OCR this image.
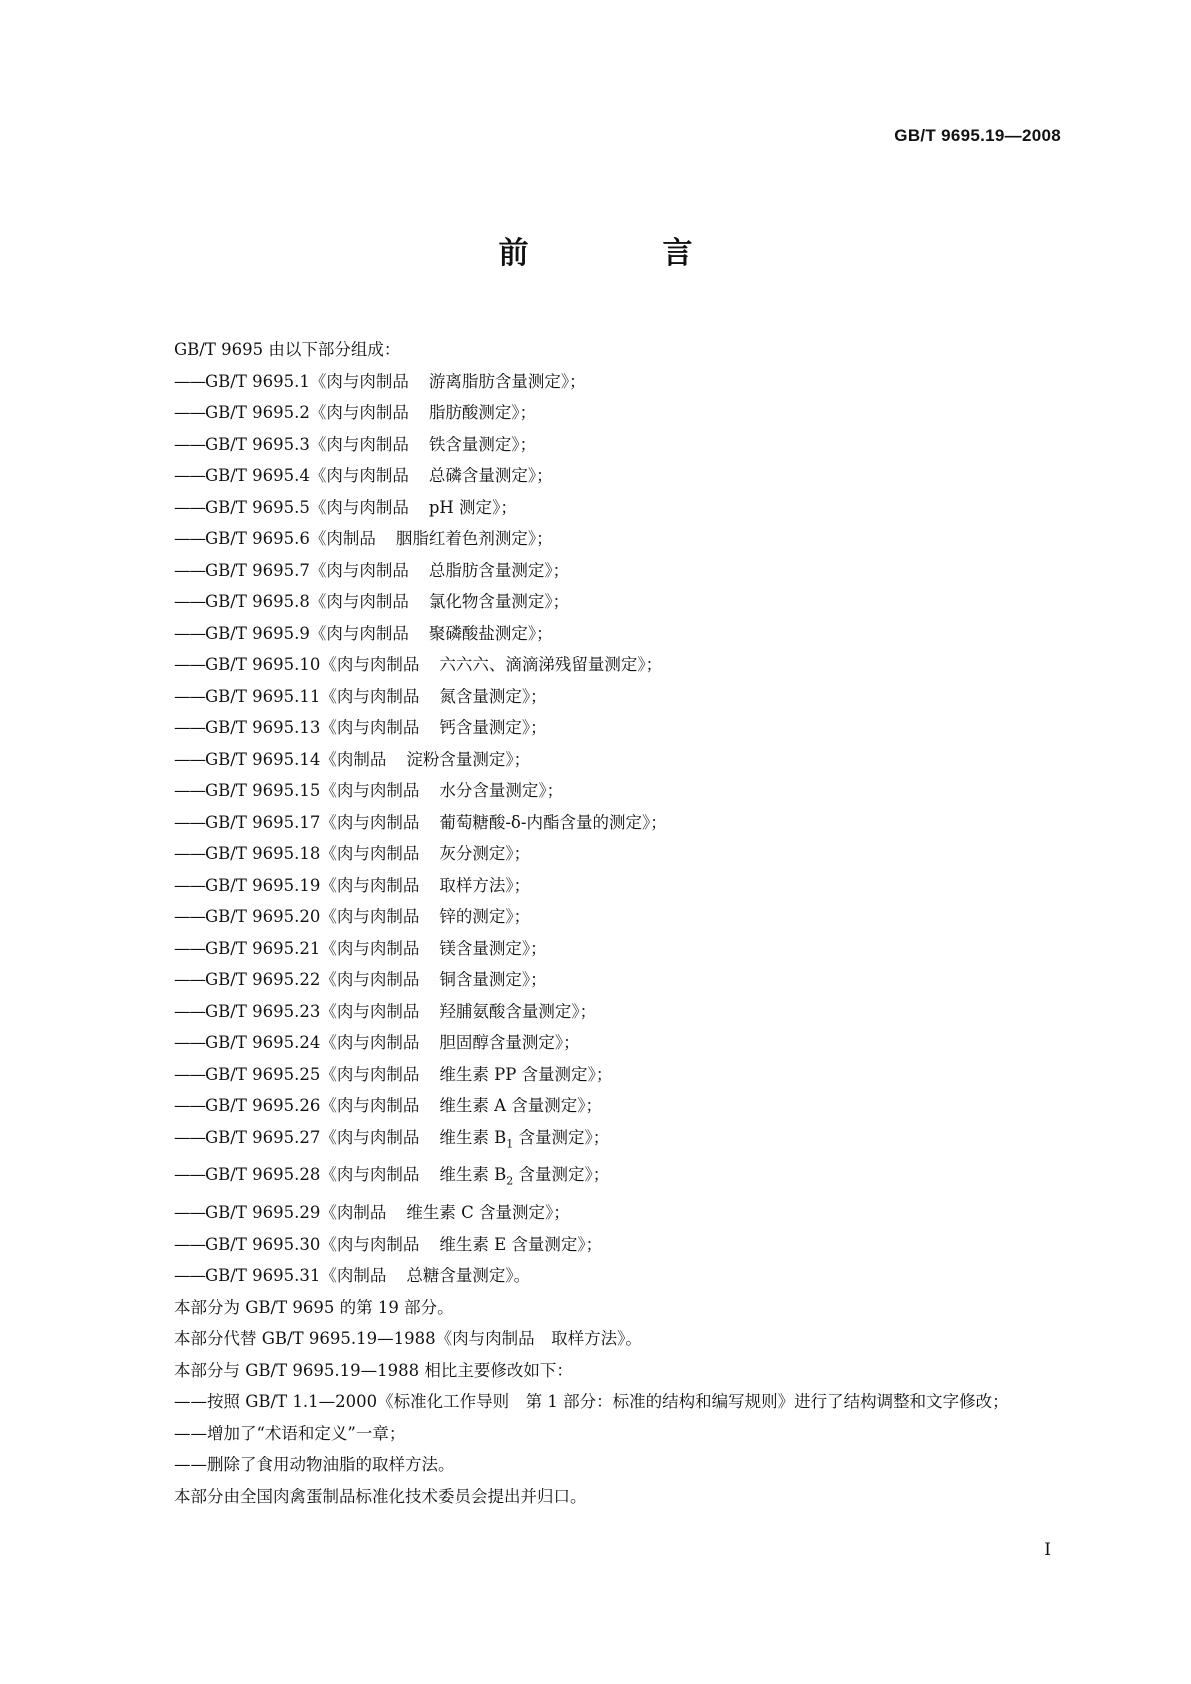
GB/T 9695.19—2008
前　言
GB/T 9695 由以下部分组成：
——GB/T 9695.1《肉与肉制品 游离脂肪含量测定》；
——GB/T 9695.2《肉与肉制品 脂肪酸测定》；
——GB/T 9695.3《肉与肉制品 铁含量测定》；
——GB/T 9695.4《肉与肉制品 总磷含量测定》；
——GB/T 9695.5《肉与肉制品 pH 测定》；
——GB/T 9695.6《肉制品 胭脂红着色剂测定》；
——GB/T 9695.7《肉与肉制品 总脂肪含量测定》；
——GB/T 9695.8《肉与肉制品 氯化物含量测定》；
——GB/T 9695.9《肉与肉制品 聚磷酸盐测定》；
——GB/T 9695.10《肉与肉制品 六六六、滴滴涕残留量测定》；
——GB/T 9695.11《肉与肉制品 氮含量测定》；
——GB/T 9695.13《肉与肉制品 钙含量测定》；
——GB/T 9695.14《肉制品 淀粉含量测定》；
——GB/T 9695.15《肉与肉制品 水分含量测定》；
——GB/T 9695.17《肉与肉制品 葡萄糖酸-δ-内酯含量的测定》；
——GB/T 9695.18《肉与肉制品 灰分测定》；
——GB/T 9695.19《肉与肉制品 取样方法》；
——GB/T 9695.20《肉与肉制品 锌的测定》；
——GB/T 9695.21《肉与肉制品 镁含量测定》；
——GB/T 9695.22《肉与肉制品 铜含量测定》；
——GB/T 9695.23《肉与肉制品 羟脯氨酸含量测定》；
——GB/T 9695.24《肉与肉制品 胆固醇含量测定》；
——GB/T 9695.25《肉与肉制品 维生素 PP 含量测定》；
——GB/T 9695.26《肉与肉制品 维生素 A 含量测定》；
——GB/T 9695.27《肉与肉制品 维生素 $B_1$ 含量测定》；
——GB/T 9695.28《肉与肉制品 维生素 $B_2$ 含量测定》；
——GB/T 9695.29《肉制品 维生素 C 含量测定》；
——GB/T 9695.30《肉与肉制品 维生素 E 含量测定》；
——GB/T 9695.31《肉制品 总糖含量测定》。
本部分为 GB/T 9695 的第 19 部分。
本部分代替 GB/T 9695.19—1988《肉与肉制品　取样方法》。
本部分与 GB/T 9695.19—1988 相比主要修改如下：
——按照 GB/T 1.1—2000《标准化工作导则　第 1 部分：标准的结构和编写规则》进行了结构调整和文字修改；
——增加了“术语和定义”一章；
——删除了食用动物油脂的取样方法。
本部分由全国肉禽蛋制品标准化技术委员会提出并归口。
I
